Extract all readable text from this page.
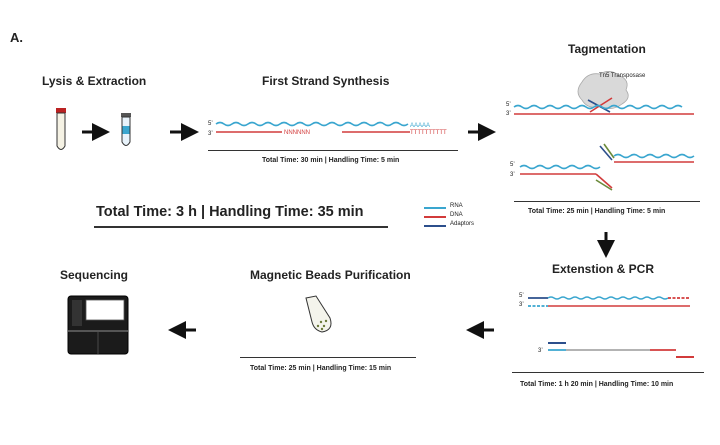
A.
Lysis & Extraction	First Strand Synthesis
Tagmentation
Extenstion & PCR
Magnetic Beads Purification
Sequencing
Total Time: 30 min | Handling Time: 5 min
Total Time: 25 min | Handling Time: 5 min
Total Time: 1 h 20 min | Handling Time: 10 min
Total Time: 25 min | Handling Time: 15 min
Total Time: 3 h | Handling Time: 35 min	RNA
DNA
Adaptors
5’
3’
AAAAA
NNNNNN	TTTTTTTTTT
Tn5 Transposase
5’
3’
5’
3’
5’
3’
3’
